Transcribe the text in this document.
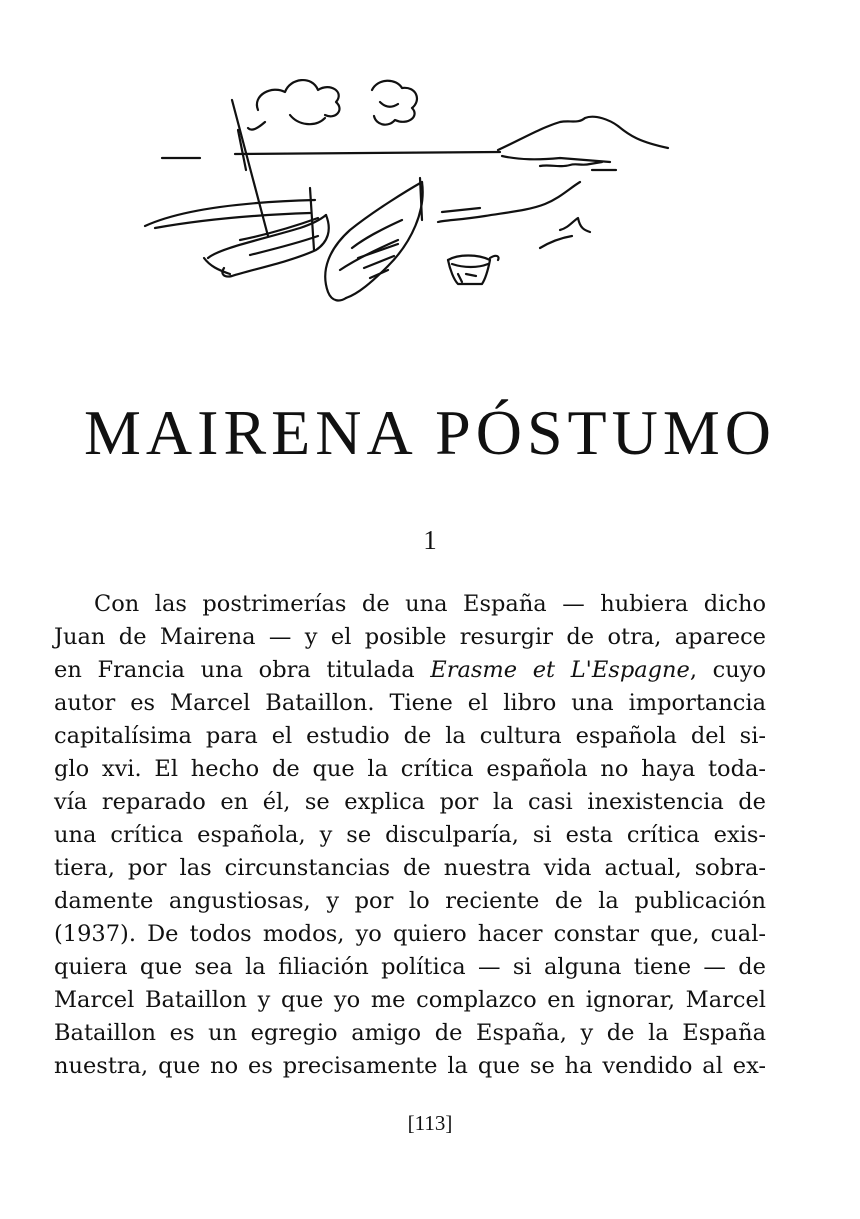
MAIRENA PÓSTUMO
1
Con las postrimerías de una España — hubiera dicho
Juan de Mairena — y el posible resurgir de otra, aparece
en Francia una obra titulada Erasme et L'Espagne, cuyo
autor es Marcel Bataillon. Tiene el libro una importancia
capitalísima para el estudio de la cultura española del si-
glo xvi. El hecho de que la crítica española no haya toda-
vía reparado en él, se explica por la casi inexistencia de
una crítica española, y se disculparía, si esta crítica exis-
tiera, por las circunstancias de nuestra vida actual, sobra-
damente angustiosas, y por lo reciente de la publicación
(1937). De todos modos, yo quiero hacer constar que, cual-
quiera que sea la filiación política — si alguna tiene — de
Marcel Bataillon y que yo me complazco en ignorar, Marcel
Bataillon es un egregio amigo de España, y de la España
nuestra, que no es precisamente la que se ha vendido al ex-
[113]
